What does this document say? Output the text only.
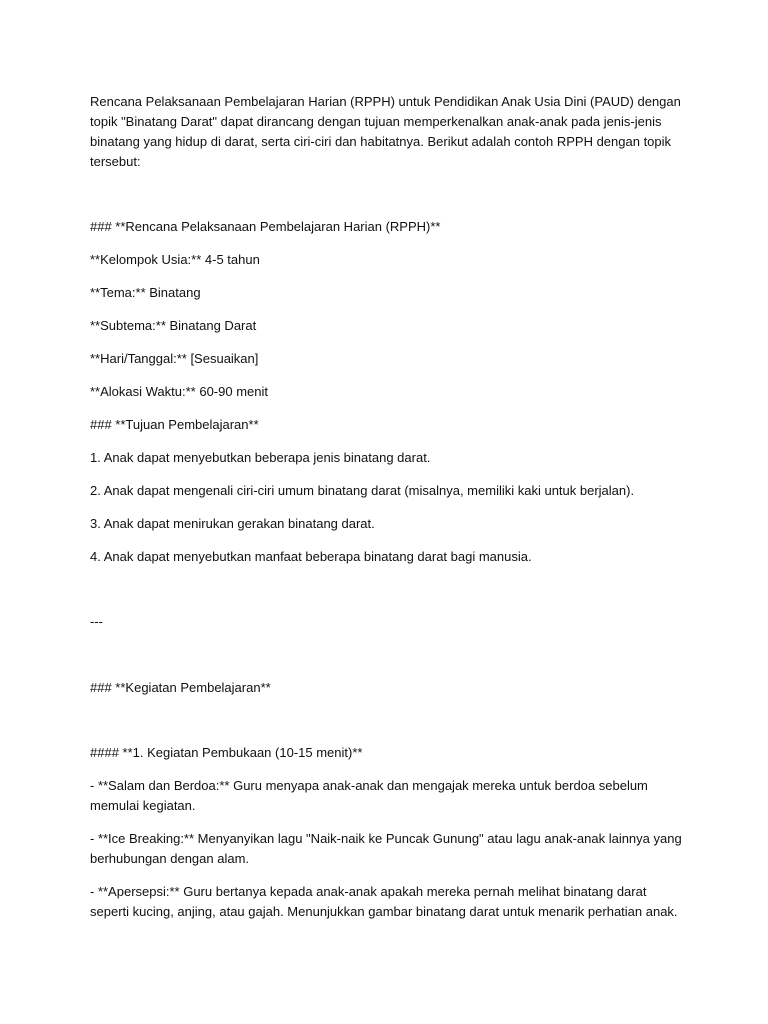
Rencana Pelaksanaan Pembelajaran Harian (RPPH) untuk Pendidikan Anak Usia Dini (PAUD) dengan
topik "Binatang Darat" dapat dirancang dengan tujuan memperkenalkan anak-anak pada jenis-jenis
binatang yang hidup di darat, serta ciri-ciri dan habitatnya. Berikut adalah contoh RPPH dengan topik
tersebut:
### **Rencana Pelaksanaan Pembelajaran Harian (RPPH)**
**Kelompok Usia:** 4-5 tahun
**Tema:** Binatang
**Subtema:** Binatang Darat
**Hari/Tanggal:** [Sesuaikan]
**Alokasi Waktu:** 60-90 menit
### **Tujuan Pembelajaran**
1. Anak dapat menyebutkan beberapa jenis binatang darat.
2. Anak dapat mengenali ciri-ciri umum binatang darat (misalnya, memiliki kaki untuk berjalan).
3. Anak dapat menirukan gerakan binatang darat.
4. Anak dapat menyebutkan manfaat beberapa binatang darat bagi manusia.
---
### **Kegiatan Pembelajaran**
#### **1. Kegiatan Pembukaan (10-15 menit)**
- **Salam dan Berdoa:** Guru menyapa anak-anak dan mengajak mereka untuk berdoa sebelum
memulai kegiatan.
- **Ice Breaking:** Menyanyikan lagu "Naik-naik ke Puncak Gunung" atau lagu anak-anak lainnya yang
berhubungan dengan alam.
- **Apersepsi:** Guru bertanya kepada anak-anak apakah mereka pernah melihat binatang darat
seperti kucing, anjing, atau gajah. Menunjukkan gambar binatang darat untuk menarik perhatian anak.
